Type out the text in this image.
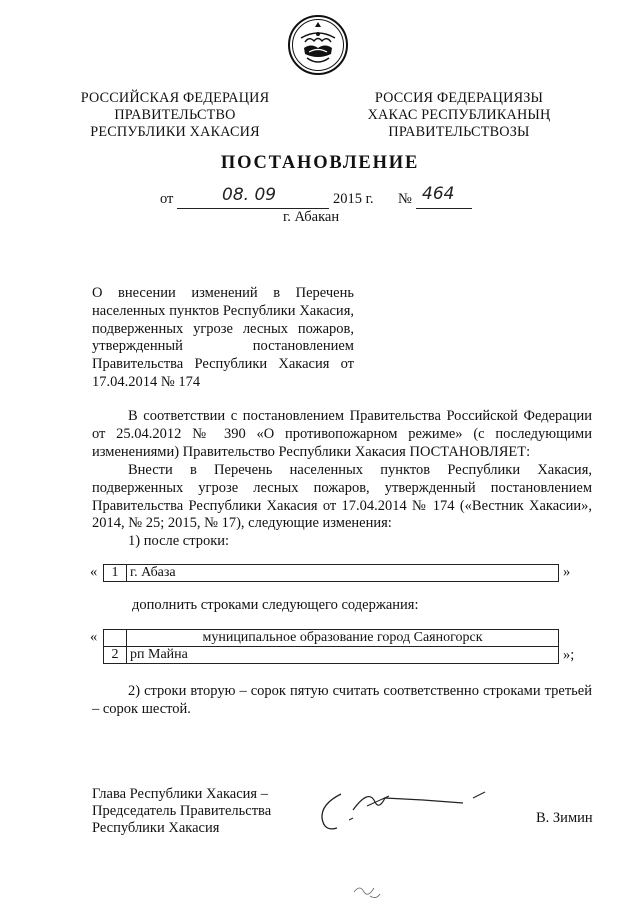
РОССИЙСКАЯ ФЕДЕРАЦИЯ
ПРАВИТЕЛЬСТВО
РЕСПУБЛИКИ ХАКАСИЯ
РОССИЯ ФЕДЕРАЦИЯЗЫ
ХАКАС РЕСПУБЛИКАНЫҢ
ПРАВИТЕЛЬСТВОЗЫ
ПОСТАНОВЛЕНИЕ
от	08. 09	2015 г. № 464
г. Абакан

О внесении изменений в Перечень

населенных пунктов Республики Хакасия,

подверженных угрозе лесных пожаров,

утвержденный постановлением

Правительства Республики Хакасия от

17.04.2014 № 174

В соответствии с постановлением Правительства Российской Федерации от 25.04.2012 № 390 «О противопожарном режиме» (с последующими изменениями) Правительство Республики Хакасия ПОСТАНОВЛЯЕТ:

Внести в Перечень населенных пунктов Республики Хакасия, подверженных угрозе лесных пожаров, утвержденный постановлением Правительства Республики Хакасия от 17.04.2014 № 174 («Вестник Хакасии», 2014, № 25; 2015, № 17), следующие изменения:

1) после строки:

« 1	г. Абаза	»
дополнить строками следующего содержания:
«
		муниципальное образование город Саяногорск
2	рп Майна	»;

2) строки вторую – сорок пятую считать соответственно строками третьей – сорок шестой.

Глава Республики Хакасия –
Председатель Правительства
Республики Хакасия
В. Зимин
